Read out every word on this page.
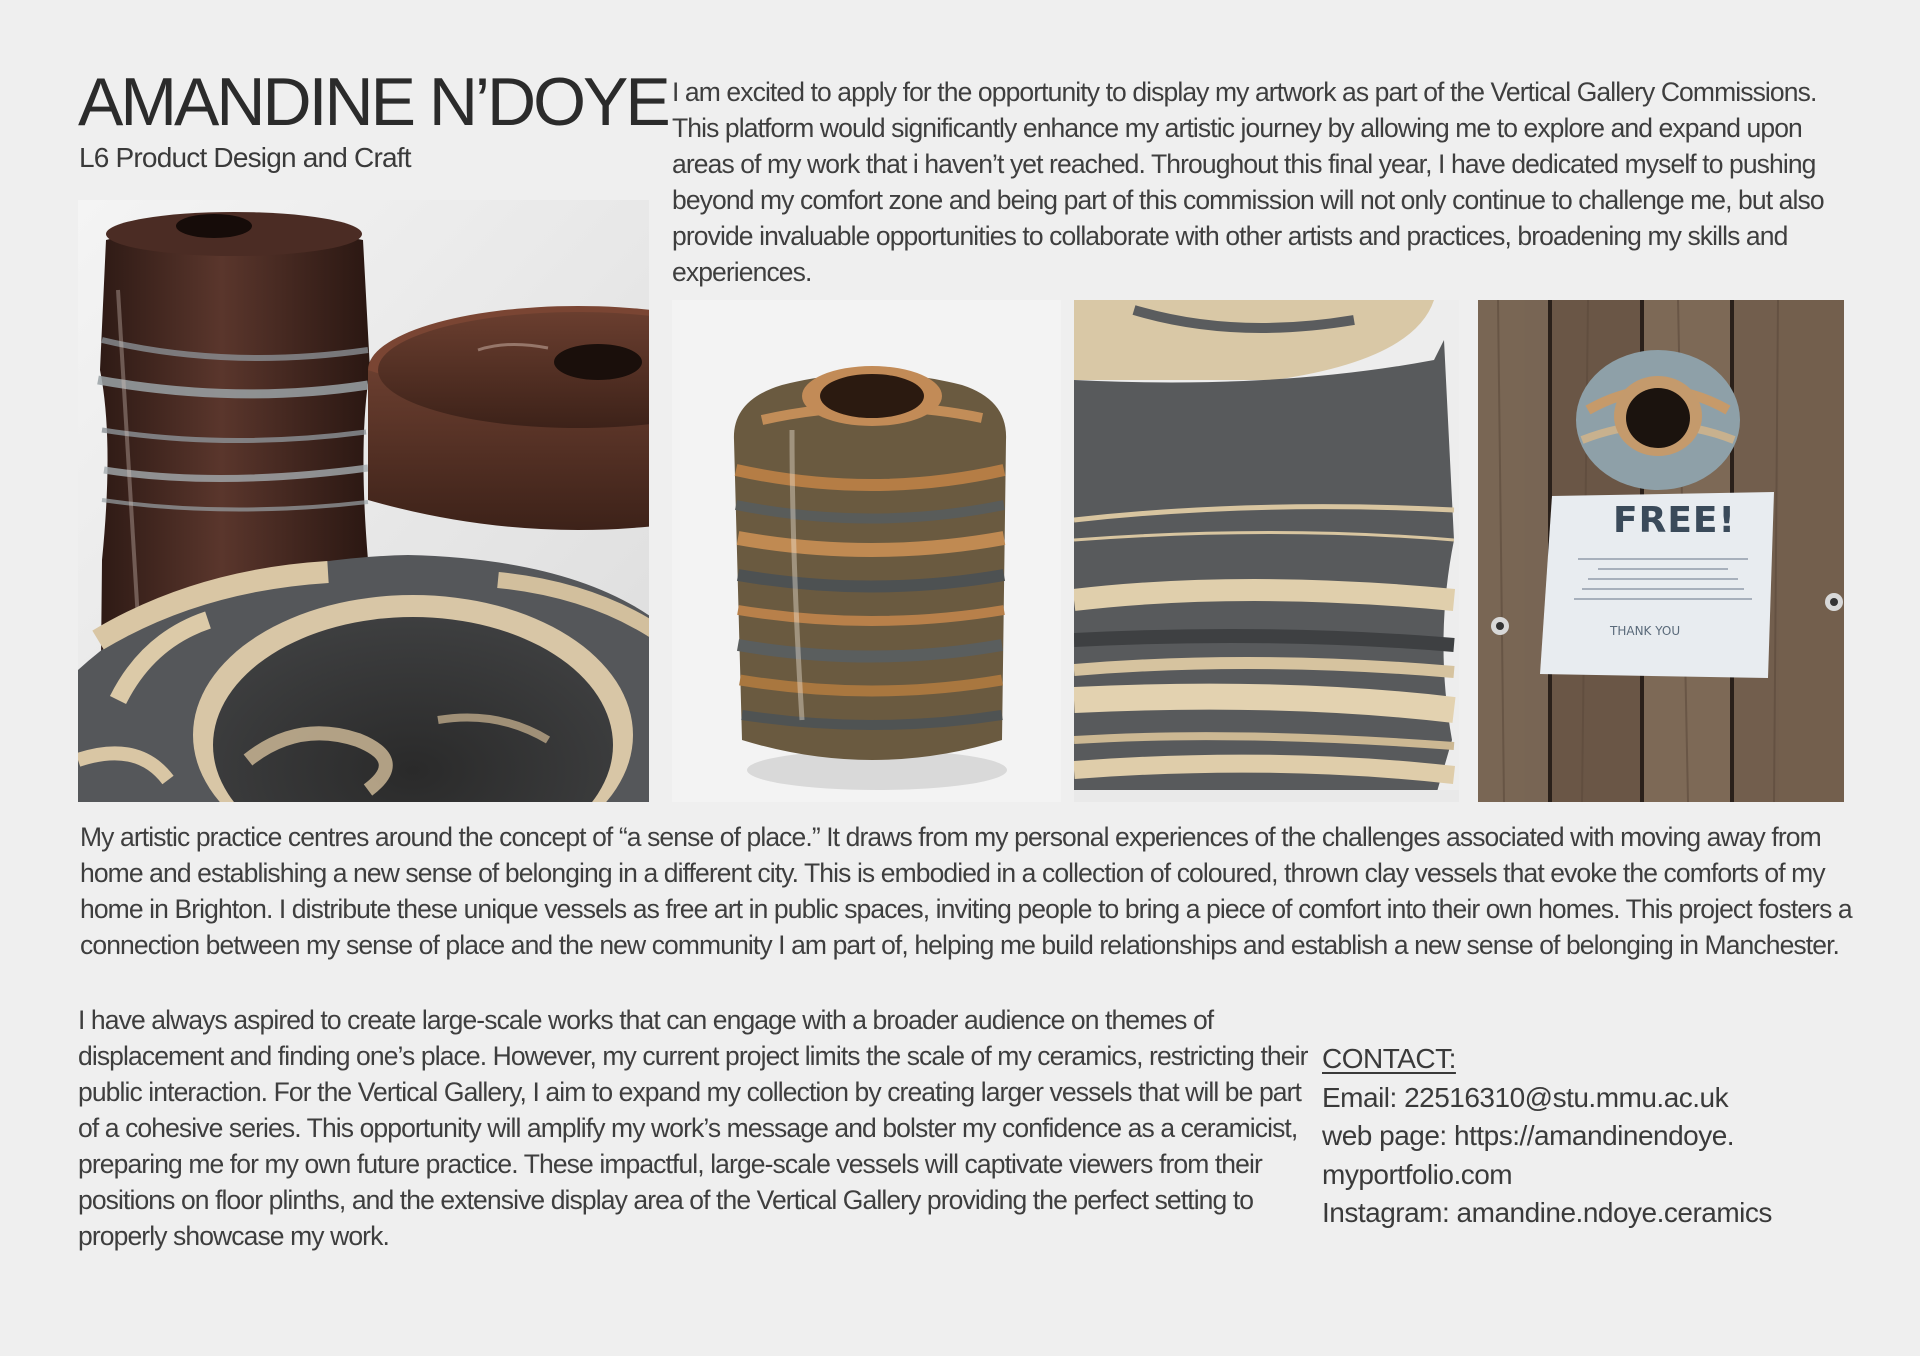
AMANDINE N’DOYE

L6 Product Design and Craft

I am excited to apply for the opportunity to display my artwork as part of the Vertical Gallery Commissions. This platform would significantly enhance my artistic journey by allowing me to explore and expand upon areas of my work that i haven’t yet reached. Throughout this final year, I have dedicated myself to pushing beyond my comfort zone and being part of this commission will not only continue to challenge me, but also provide invaluable opportunities to collaborate with other artists and practices, broadening my skills and experiences.

FREE!
THANK YOU

My artistic practice centres around the concept of “a sense of place.” It draws from my personal experiences of the challenges associated with moving away from home and establishing a new sense of belonging in a different city. This is embodied in a collection of coloured, thrown clay vessels that evoke the comforts of my home in Brighton. I distribute these unique vessels as free art in public spaces, inviting people to bring a piece of comfort into their own homes. This project fosters a connection between my sense of place and the new community I am part of, helping me build relationships and establish a new sense of belonging in Manchester.

I have always aspired to create large-scale works that can engage with a broader audience on themes of displacement and finding one’s place. However, my current project limits the scale of my ceramics, restricting their public interaction. For the Vertical Gallery, I aim to expand my collection by creating larger vessels that will be part of a cohesive series. This opportunity will amplify my work’s message and bolster my confidence as a ceramicist, preparing me for my own future practice. These impactful, large-scale vessels will captivate viewers from their positions on floor plinths, and the extensive display area of the Vertical Gallery providing the perfect setting to properly showcase my work.

CONTACT:
Email: 22516310@stu.mmu.ac.uk
web page: https://amandinendoye.
myportfolio.com
Instagram: amandine.ndoye.ceramics
